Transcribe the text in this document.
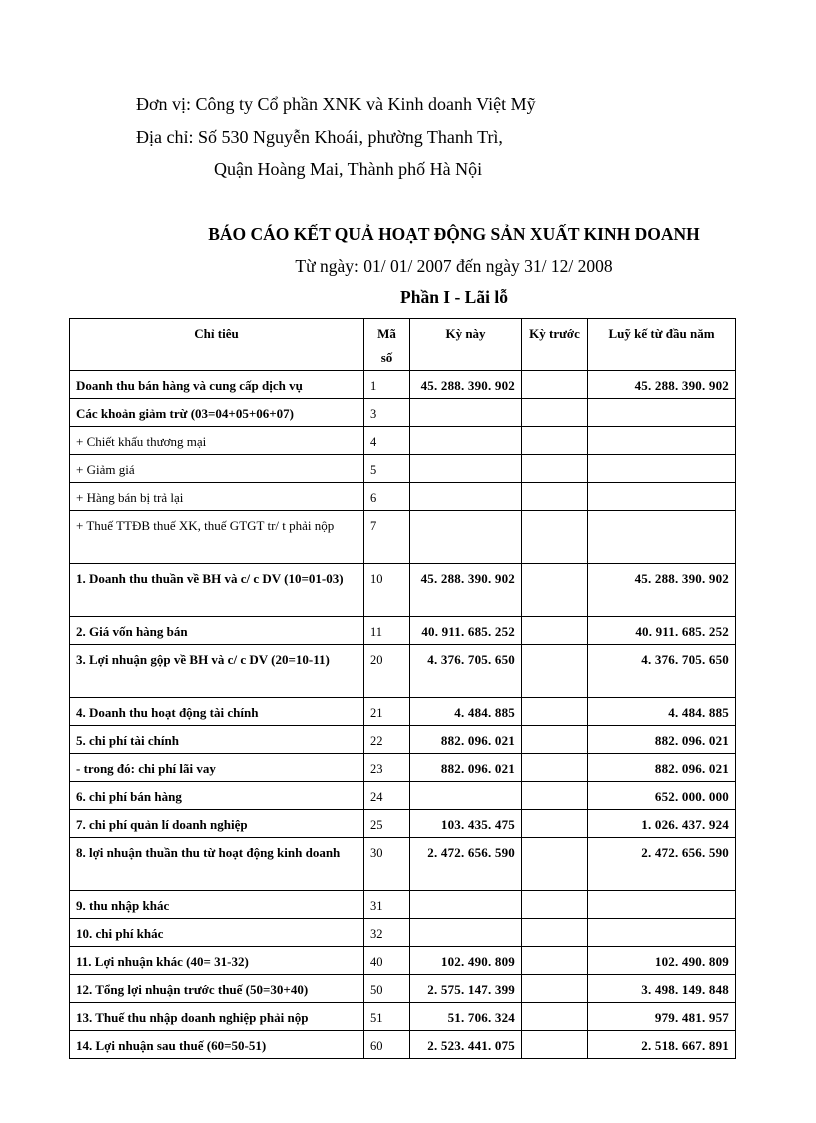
Đơn vị: Công ty Cổ phần XNK và Kinh doanh Việt Mỹ
Địa chỉ: Số 530 Nguyễn Khoái, phường Thanh Trì,
Quận Hoàng Mai, Thành phố Hà Nội
BÁO CÁO KẾT QUẢ HOẠT ĐỘNG SẢN XUẤT KINH DOANH
Từ ngày: 01/ 01/ 2007 đến ngày 31/ 12/ 2008
Phần I - Lãi lỗ
Chỉ tiêu	Mã số	Kỳ này	Kỳ trước	Luỹ kế từ đầu năm
Doanh thu bán hàng và cung cấp dịch vụ	1	45. 288. 390. 902		45. 288. 390. 902
Các khoản giảm trừ (03=04+05+06+07)	3			
+ Chiết khấu thương mại	4			
+ Giảm giá	5			
+ Hàng bán bị trả lại	6			
+ Thuế TTĐB thuế XK, thuế GTGT tr/ t phải nộp	7			
1. Doanh thu thuần về BH và c/ c DV (10=01-03)	10	45. 288. 390. 902		45. 288. 390. 902
2. Giá vốn hàng bán	11	40. 911. 685. 252		40. 911. 685. 252
3. Lợi nhuận gộp về BH và c/ c DV (20=10-11)	20	4. 376. 705. 650		4. 376. 705. 650
4. Doanh thu hoạt động tài chính	21	4. 484. 885		4. 484. 885
5. chi phí tài chính	22	882. 096. 021		882. 096. 021
- trong đó: chi phí lãi vay	23	882. 096. 021		882. 096. 021
6. chi phí bán hàng	24			652. 000. 000
7. chi phí quản lí doanh nghiệp	25	103. 435. 475		1. 026. 437. 924
8. lợi nhuận thuần thu từ hoạt động kinh doanh	30	2. 472. 656. 590		2. 472. 656. 590
9. thu nhập khác	31			
10. chi phí khác	32			
11. Lợi nhuận khác (40= 31-32)	40	102. 490. 809		102. 490. 809
12. Tổng lợi nhuận trước thuế (50=30+40)	50	2. 575. 147. 399		3. 498. 149. 848
13. Thuế thu nhập doanh nghiệp phải nộp	51	51. 706. 324		979. 481. 957
14. Lợi nhuận sau thuế (60=50-51)	60	2. 523. 441. 075		2. 518. 667. 891
